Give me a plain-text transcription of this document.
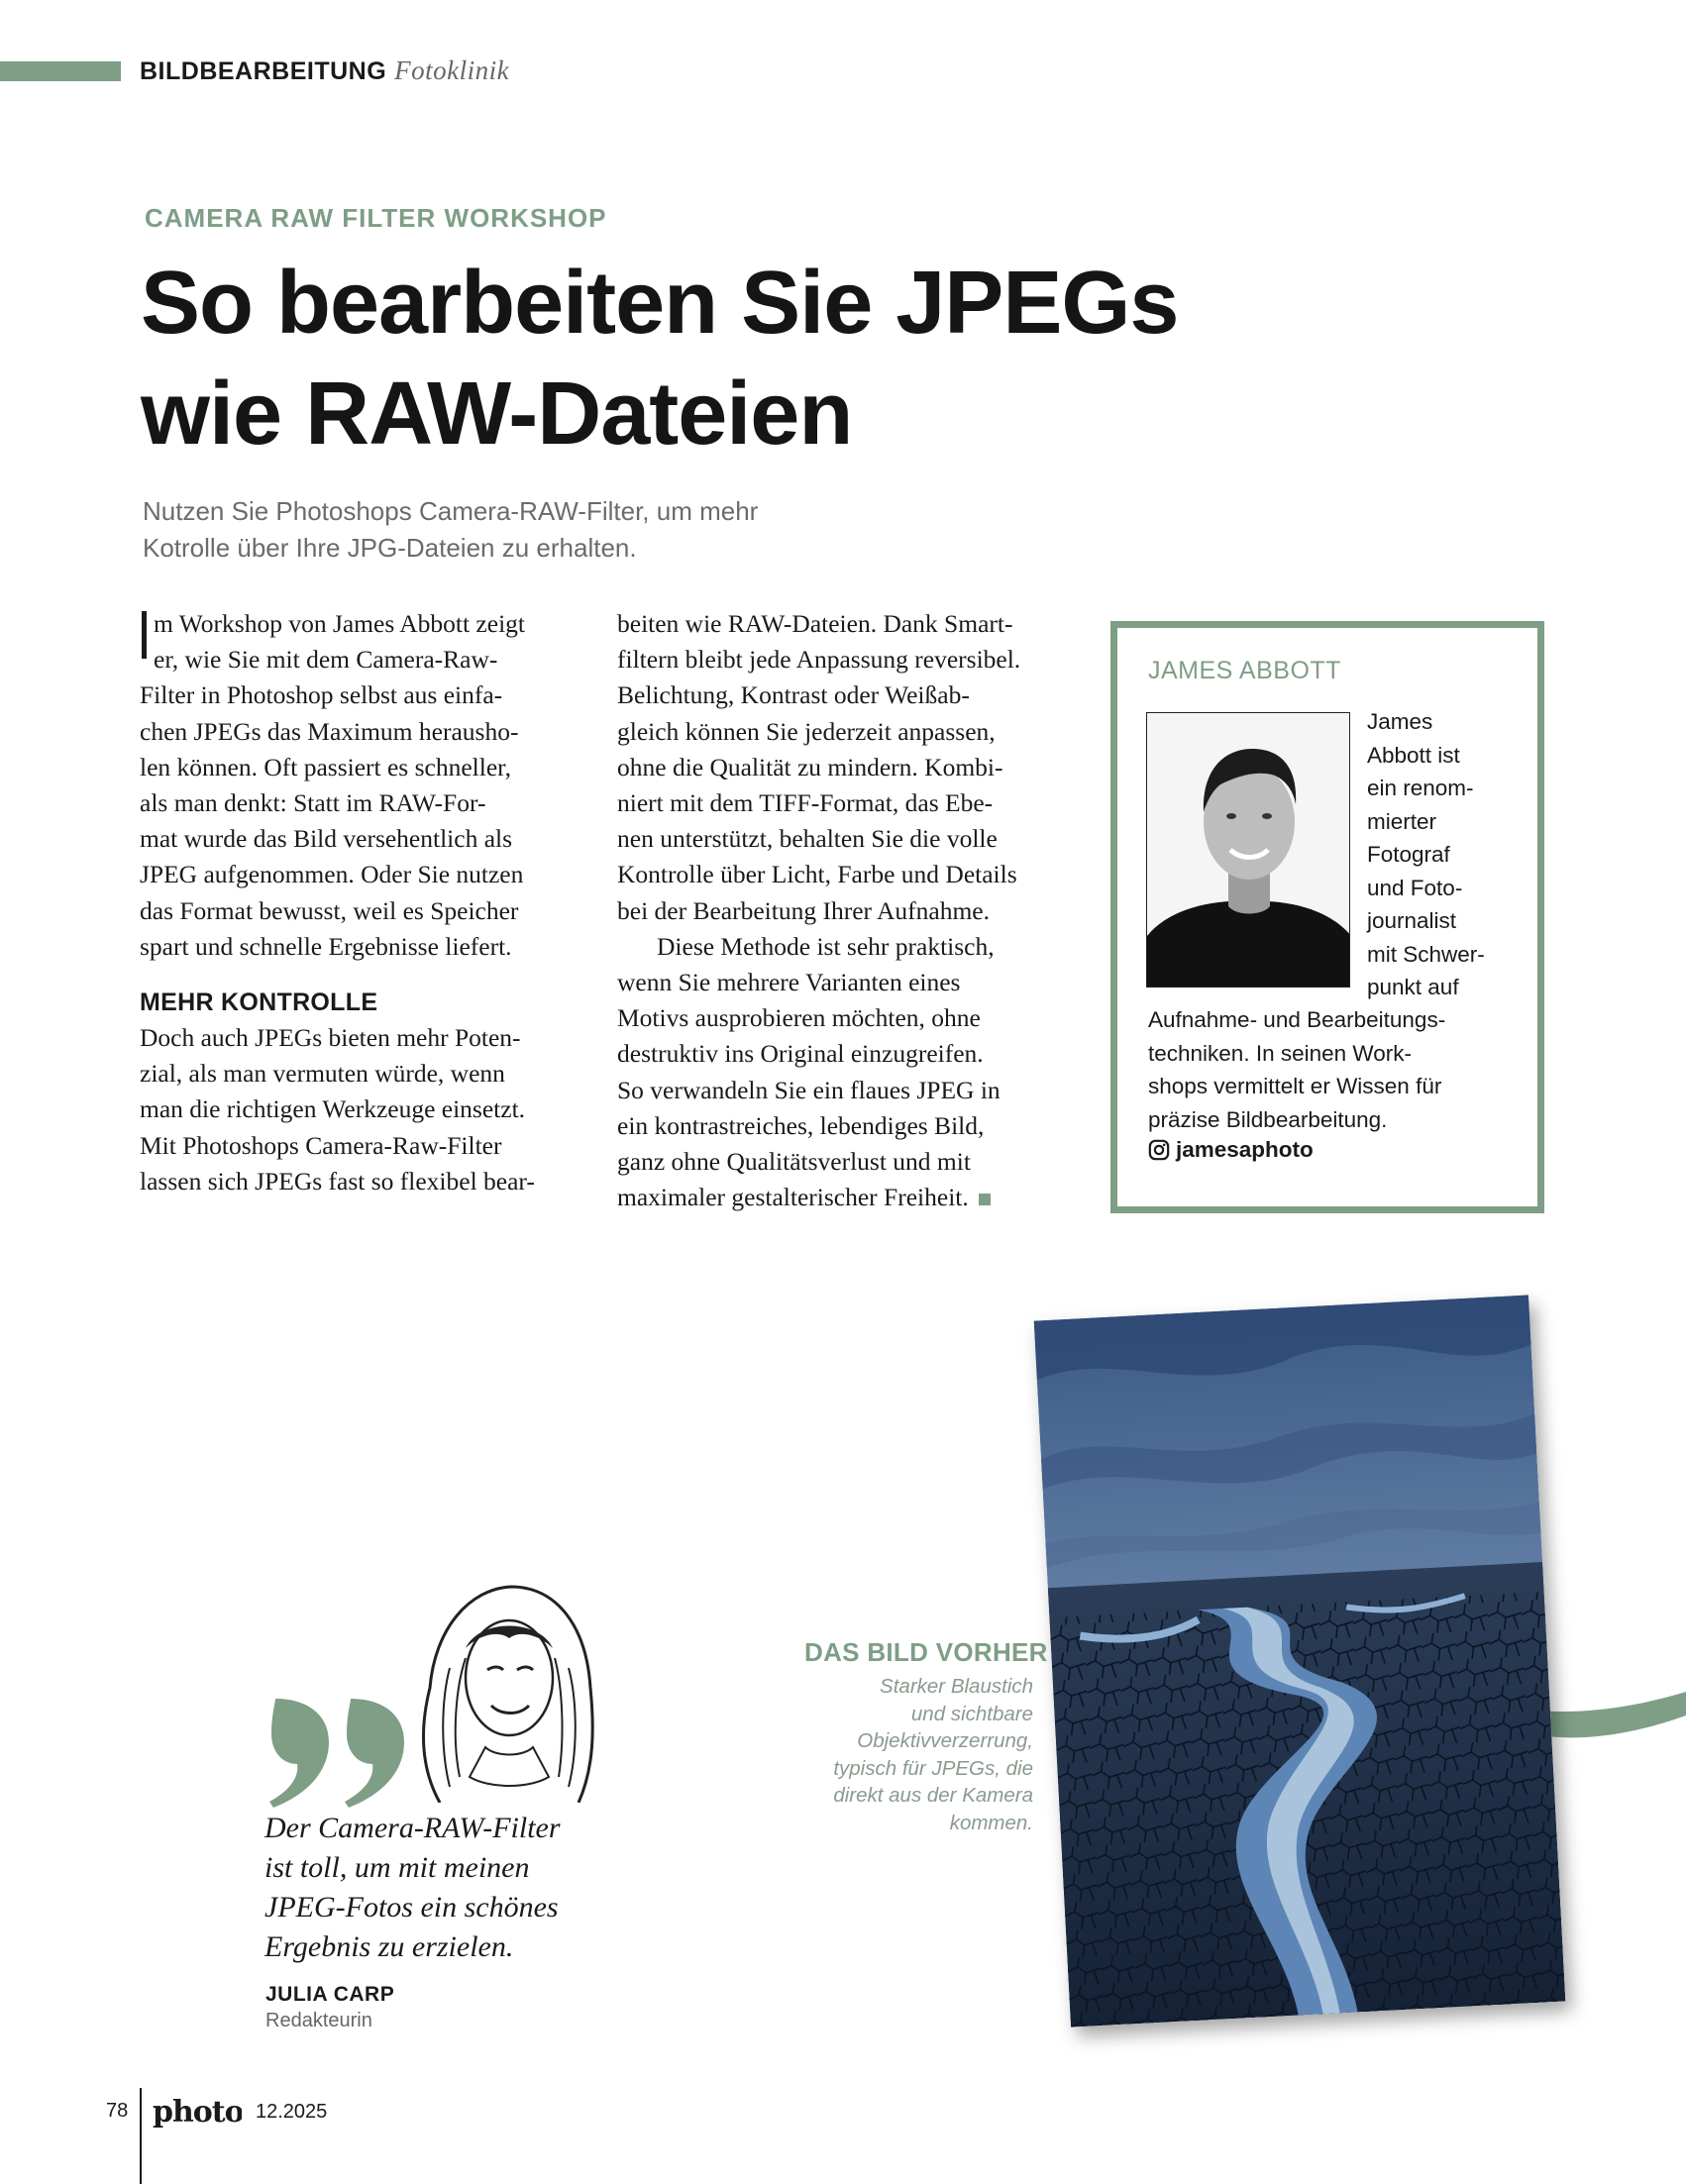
BILDBEARBEITUNG Fotoklinik
CAMERA RAW FILTER WORKSHOP
So bearbeiten Sie JPEGs
wie RAW-Dateien
Nutzen Sie Photoshops Camera-RAW-Filter, um mehr
Kotrolle über Ihre JPG-Dateien zu erhalten.
m Workshop von James Abbott zeigt
er, wie Sie mit dem Camera-Raw-
Filter in Photoshop selbst aus einfa-
chen JPEGs das Maximum herausho-
len können. Oft passiert es schneller,
als man denkt: Statt im RAW-For-
mat wurde das Bild versehentlich als
JPEG aufgenommen. Oder Sie nutzen
das Format bewusst, weil es Speicher
spart und schnelle Ergebnisse liefert.
MEHR KONTROLLE
Doch auch JPEGs bieten mehr Poten-
zial, als man vermuten würde, wenn
man die richtigen Werkzeuge einsetzt.
Mit Photoshops Camera-Raw-Filter
lassen sich JPEGs fast so flexibel bear-
beiten wie RAW-Dateien. Dank Smart-
filtern bleibt jede Anpassung reversibel.
Belichtung, Kontrast oder Weißab-
gleich können Sie jederzeit anpassen,
ohne die Qualität zu mindern. Kombi-
niert mit dem TIFF-Format, das Ebe-
nen unterstützt, behalten Sie die volle
Kontrolle über Licht, Farbe und Details
bei der Bearbeitung Ihrer Aufnahme.
Diese Methode ist sehr praktisch,
wenn Sie mehrere Varianten eines
Motivs ausprobieren möchten, ohne
destruktiv ins Original einzugreifen.
So verwandeln Sie ein flaues JPEG in
ein kontrastreiches, lebendiges Bild,
ganz ohne Qualitätsverlust und mit
maximaler gestalterischer Freiheit.
JAMES ABBOTT
James
Abbott ist
ein renom-
mierter
Fotograf
und Foto-
journalist
mit Schwer-
punkt auf
Aufnahme- und Bearbeitungs-
techniken. In seinen Work-
shops vermittelt er Wissen für
präzise Bildbearbeitung.
jamesaphoto
DAS BILD VORHER
Starker Blaustich
und sichtbare
Objektivverzerrung,
typisch für JPEGs, die
direkt aus der Kamera
kommen.
Der Camera-RAW-Filter
ist toll, um mit meinen
JPEG-Fotos ein schönes
Ergebnis zu erzielen.
JULIA CARP
Redakteurin
78 photo 12.2025
